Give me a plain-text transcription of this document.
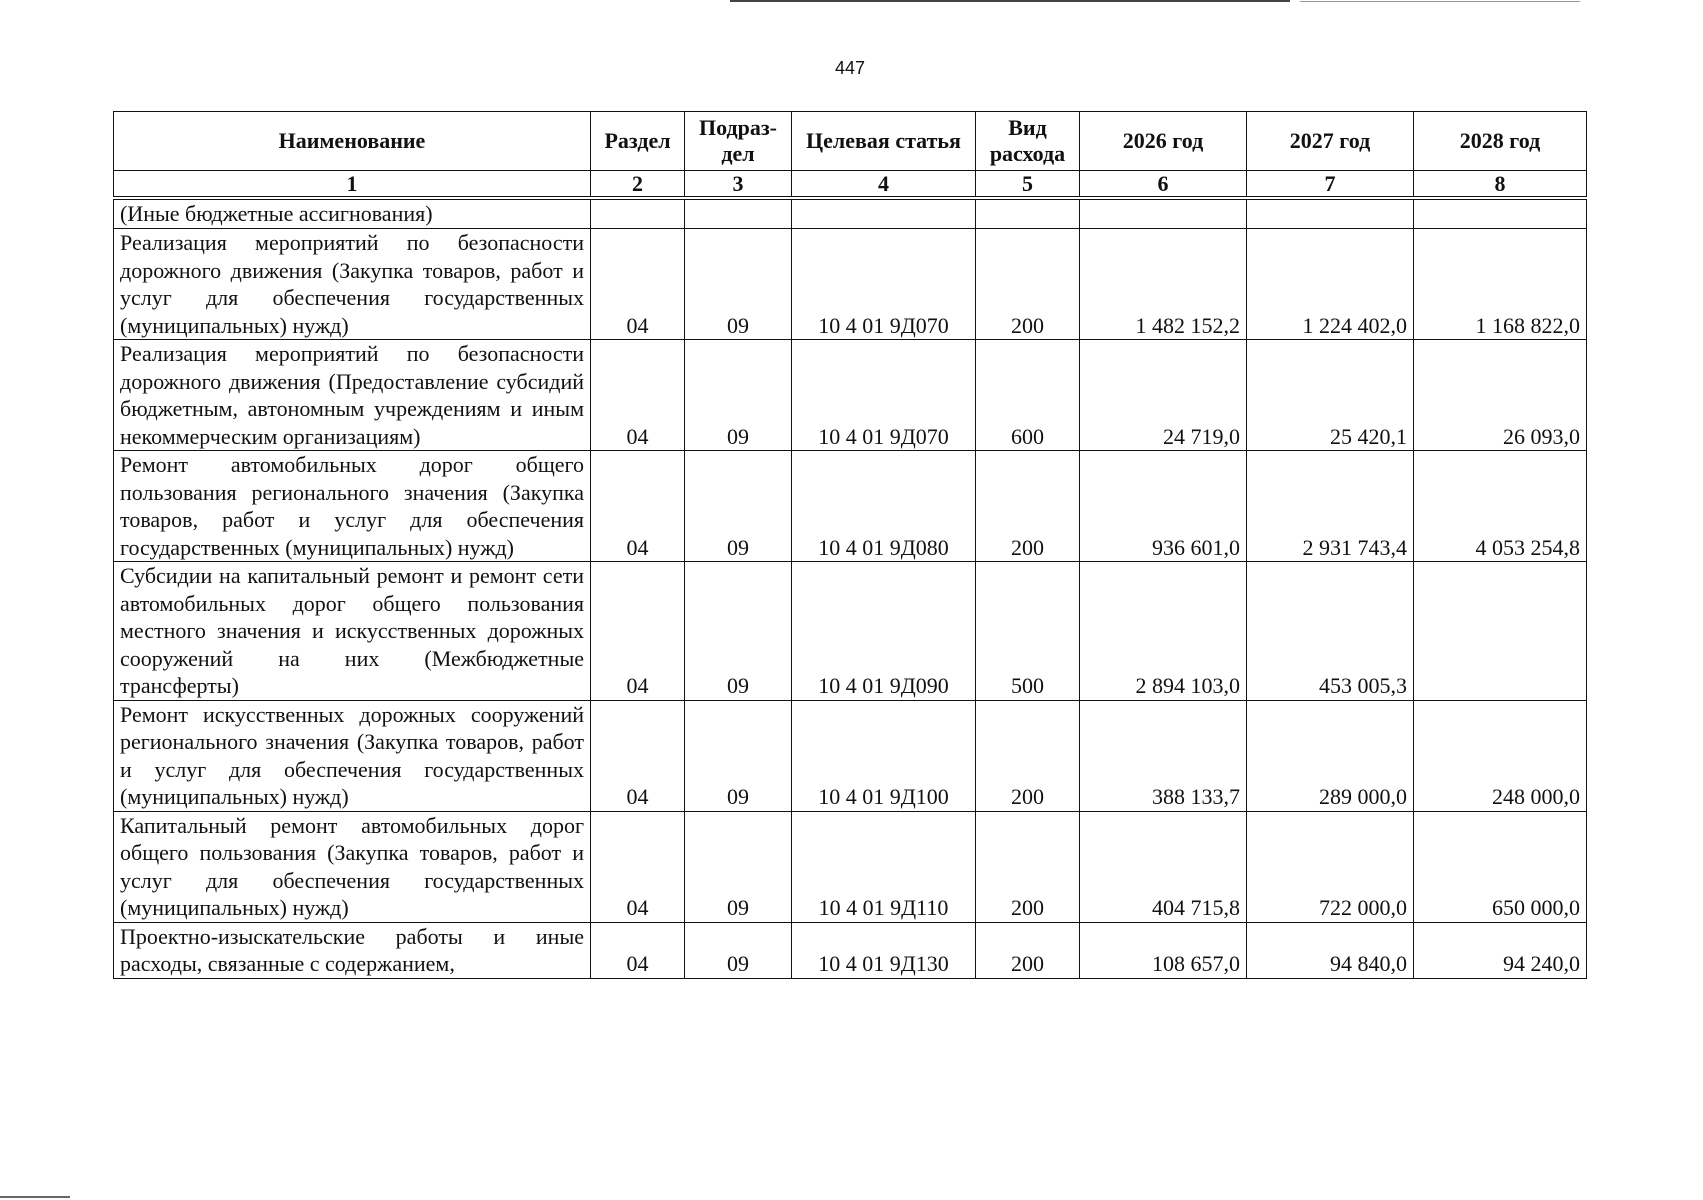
447
Наименование	Раздел	Подраз-дел	Целевая статья	Вид расхода	2026 год	2027 год	2028 год
1	2	3	4	5	6	7	8
(Иные бюджетные ассигнования)							
Реализация мероприятий по безопасности дорожного движения (Закупка товаров, работ и услуг для обеспечения государственных (муниципальных) нужд)	04	09	10 4 01 9Д070	200	1 482 152,2	1 224 402,0	1 168 822,0
Реализация мероприятий по безопасности дорожного движения (Предоставление субсидий бюджетным, автономным учреждениям и иным некоммерческим организациям)	04	09	10 4 01 9Д070	600	24 719,0	25 420,1	26 093,0
Ремонт автомобильных дорог общего пользования регионального значения (Закупка товаров, работ и услуг для обеспечения государственных (муниципальных) нужд)	04	09	10 4 01 9Д080	200	936 601,0	2 931 743,4	4 053 254,8
Субсидии на капитальный ремонт и ремонт сети автомобильных дорог общего пользования местного значения и искусственных дорожных сооружений на них (Межбюджетные трансферты)	04	09	10 4 01 9Д090	500	2 894 103,0	453 005,3	
Ремонт искусственных дорожных сооружений регионального значения (Закупка товаров, работ и услуг для обеспечения государственных (муниципальных) нужд)	04	09	10 4 01 9Д100	200	388 133,7	289 000,0	248 000,0
Капитальный ремонт автомобильных дорог общего пользования (Закупка товаров, работ и услуг для обеспечения государственных (муниципальных) нужд)	04	09	10 4 01 9Д110	200	404 715,8	722 000,0	650 000,0
Проектно-изыскательские работы и иные расходы, связанные с содержанием,	04	09	10 4 01 9Д130	200	108 657,0	94 840,0	94 240,0
